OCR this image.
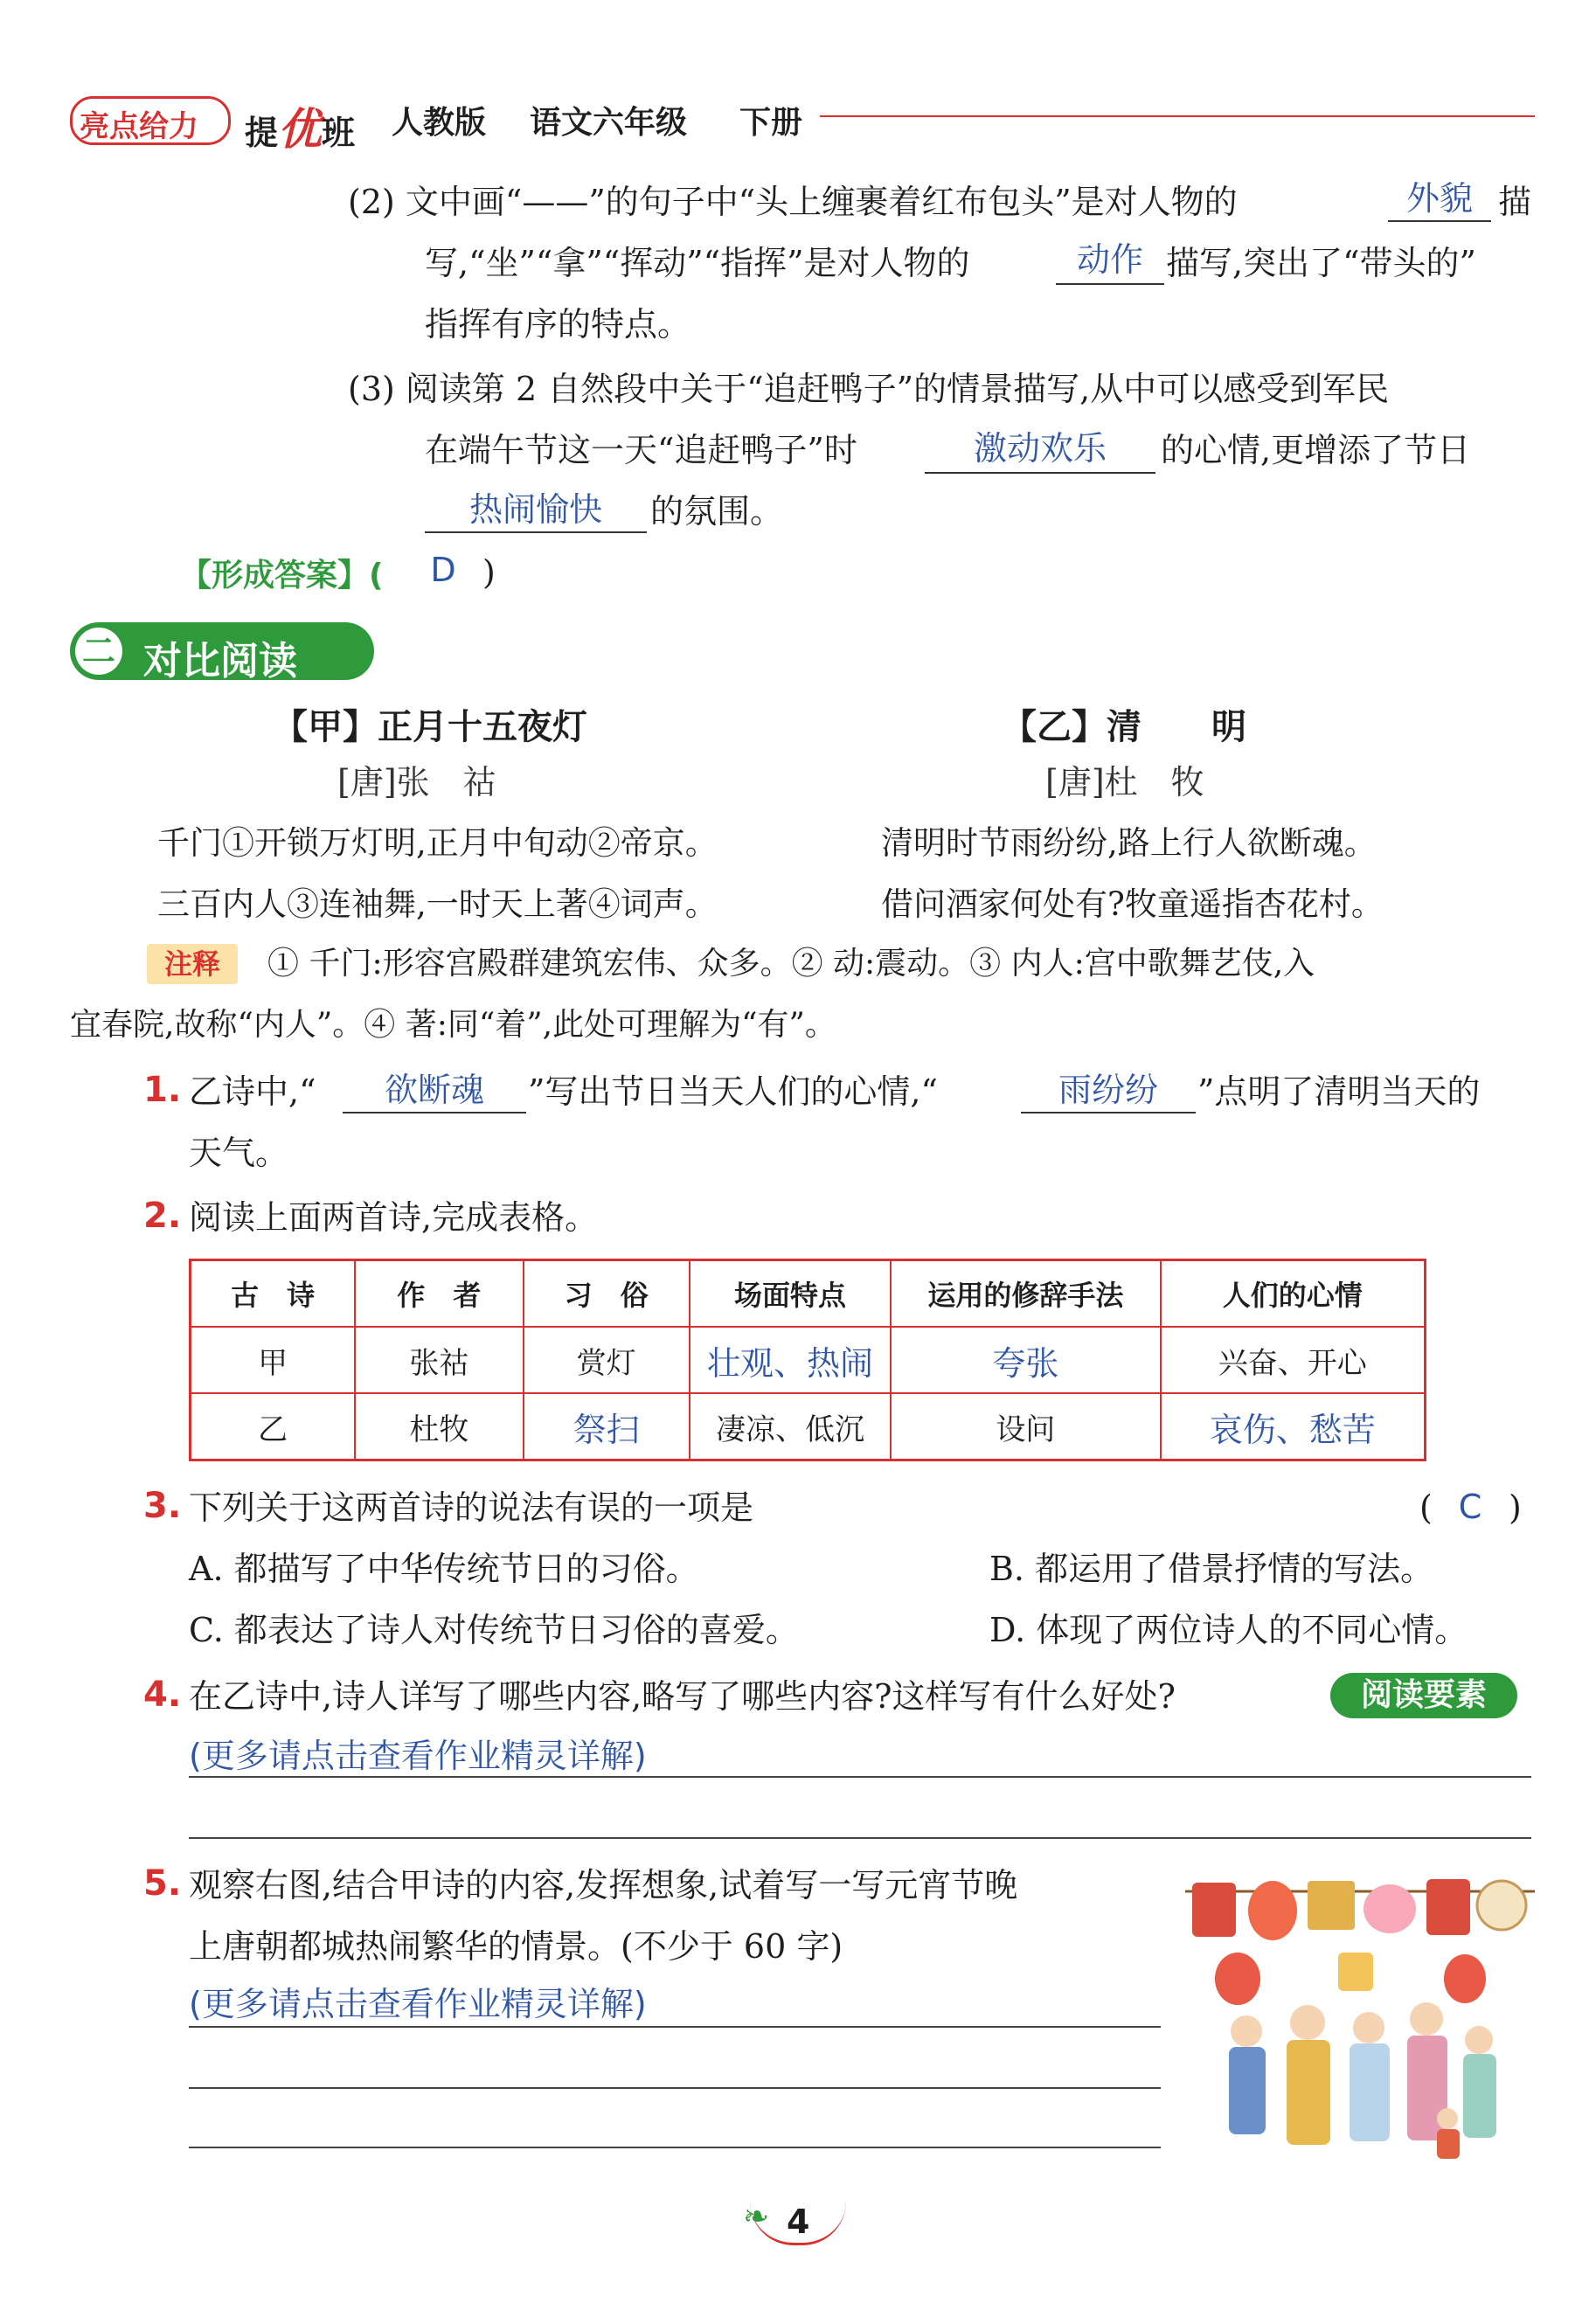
亮点给力 提优班 人教版 语文六年级 下册
(2) 文中画“——”的句子中“头上缠裹着红布包头”是对人物的	外貌 描
写,“坐”“拿”“挥动”“指挥”是对人物的	动作 描写,突出了“带头的”
指挥有序的特点。
(3) 阅读第 2 自然段中关于“追赶鸭子”的情景描写,从中可以感受到军民
在端午节这一天“追赶鸭子”时	激动欢乐	的心情,更增添了节日
热闹愉快	的氛围。
【形成答案】( D )
二 对比阅读
【甲】正月十五夜灯
[唐]张　祜
千门①开锁万灯明,正月中旬动②帝京。
三百内人③连袖舞,一时天上著④词声。
【乙】清　　明
[唐]杜　牧
清明时节雨纷纷,路上行人欲断魂。
借问酒家何处有?牧童遥指杏花村。
注释	① 千门:形容宫殿群建筑宏伟、众多。② 动:震动。③ 内人:宫中歌舞艺伎,入
宜春院,故称“内人”。④ 著:同“着”,此处可理解为“有”。
1. 乙诗中,“	欲断魂	”写出节日当天人们的心情,“	雨纷纷	”点明了清明当天的
天气。
2. 阅读上面两首诗,完成表格。
古　诗	作　者	习　俗	场面特点	运用的修辞手法	人们的心情
甲	张祜	赏灯	壮观、热闹	夸张	兴奋、开心
乙	杜牧	祭扫	凄凉、低沉	设问	哀伤、愁苦
3. 下列关于这两首诗的说法有误的一项是	( C )
A. 都描写了中华传统节日的习俗。	B. 都运用了借景抒情的写法。
C. 都表达了诗人对传统节日习俗的喜爱。	D. 体现了两位诗人的不同心情。
4. 在乙诗中,诗人详写了哪些内容,略写了哪些内容?这样写有什么好处?	阅读要素
(更多请点击查看作业精灵详解)
5. 观察右图,结合甲诗的内容,发挥想象,试着写一写元宵节晚
上唐朝都城热闹繁华的情景。(不少于 60 字)
(更多请点击查看作业精灵详解)
❧ 4
